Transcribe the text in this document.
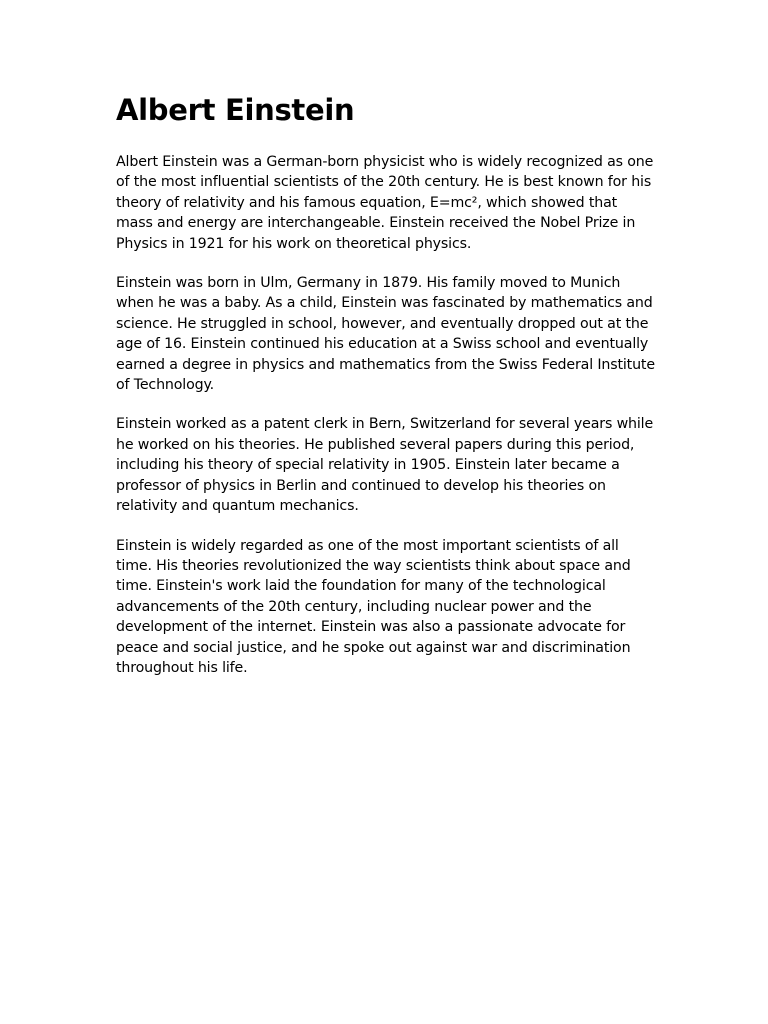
Albert Einstein

Albert Einstein was a German-born physicist who is widely recognized as one of the most influential scientists of the 20th century. He is best known for his theory of relativity and his famous equation, E=mc², which showed that mass and energy are interchangeable. Einstein received the Nobel Prize in Physics in 1921 for his work on theoretical physics.

Einstein was born in Ulm, Germany in 1879. His family moved to Munich when he was a baby. As a child, Einstein was fascinated by mathematics and science. He struggled in school, however, and eventually dropped out at the age of 16. Einstein continued his education at a Swiss school and eventually earned a degree in physics and mathematics from the Swiss Federal Institute of Technology.

Einstein worked as a patent clerk in Bern, Switzerland for several years while he worked on his theories. He published several papers during this period, including his theory of special relativity in 1905. Einstein later became a professor of physics in Berlin and continued to develop his theories on relativity and quantum mechanics.

Einstein is widely regarded as one of the most important scientists of all time. His theories revolutionized the way scientists think about space and time. Einstein's work laid the foundation for many of the technological advancements of the 20th century, including nuclear power and the development of the internet. Einstein was also a passionate advocate for peace and social justice, and he spoke out against war and discrimination throughout his life.
